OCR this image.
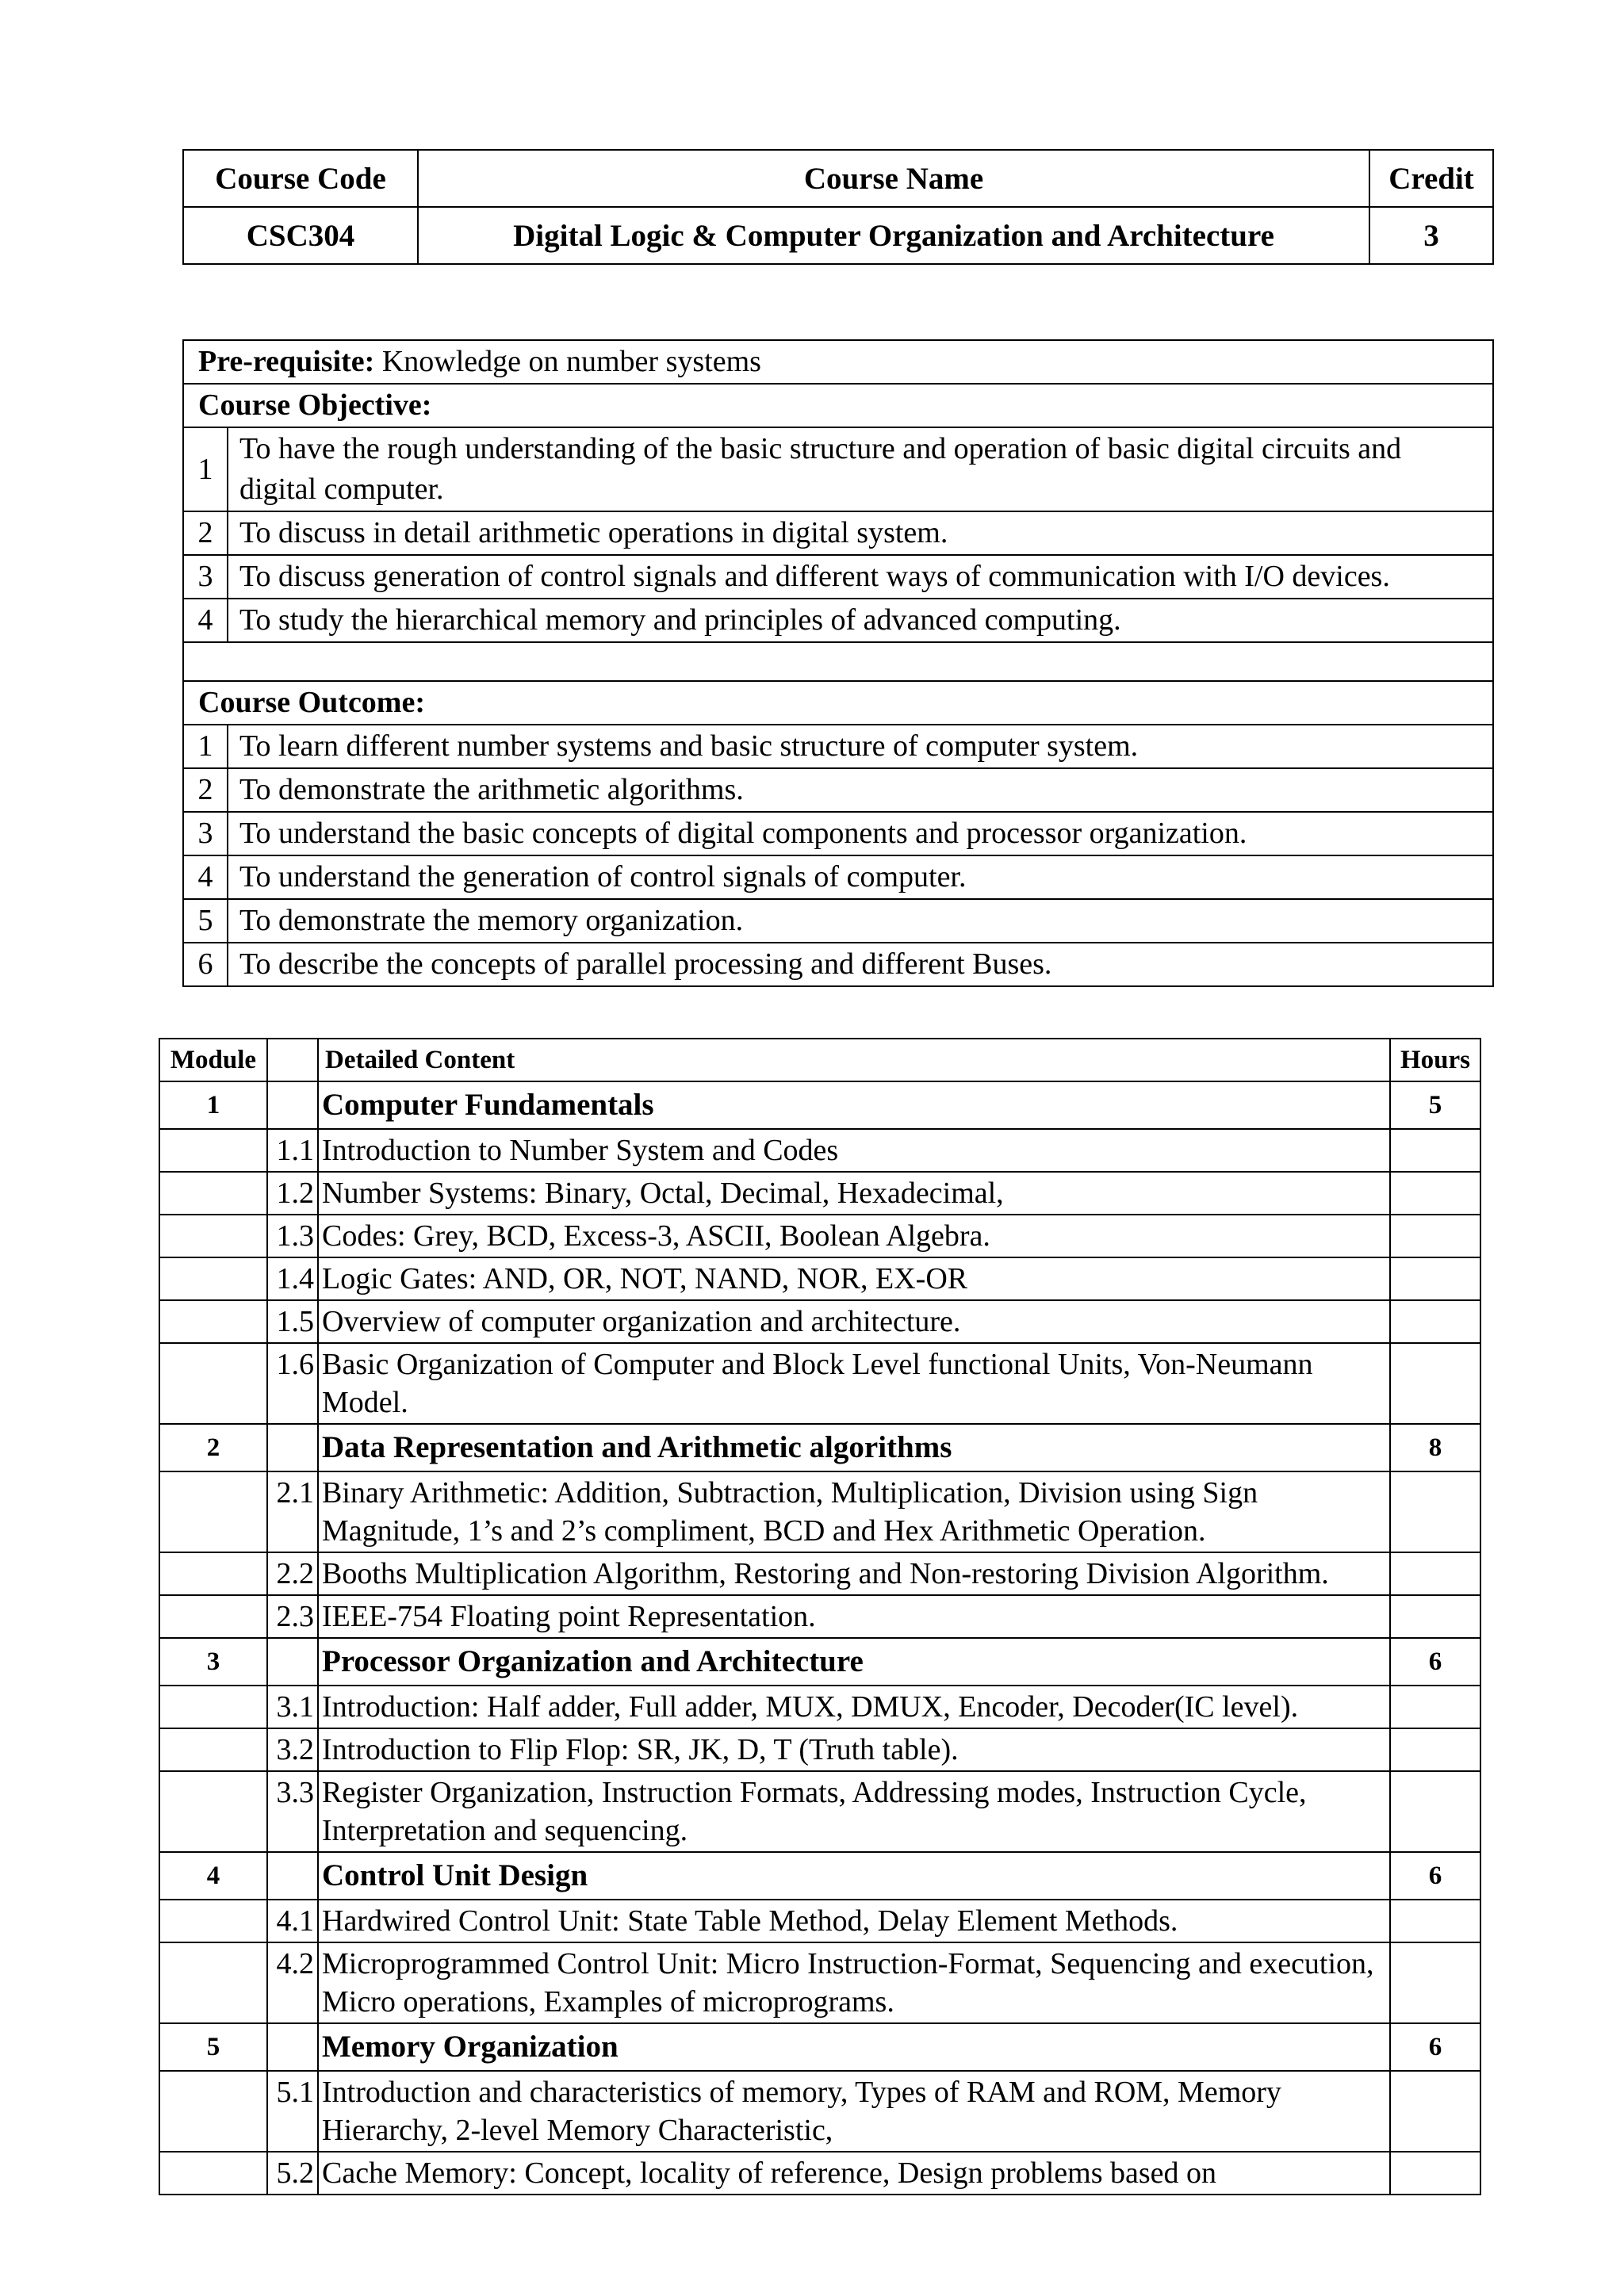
Course Code	Course Name	Credit
CSC304	Digital Logic & Computer Organization and Architecture	3
Pre-requisite: Knowledge on number systems	
Course Objective:	
1	To have the rough understanding of the basic structure and operation of basic digital circuits and digital computer.
2	To discuss in detail arithmetic operations in digital system.
3	To discuss generation of control signals and different ways of communication with I/O devices.
4	To study the hierarchical memory and principles of advanced computing.

Course Outcome:	
1	To learn different number systems and basic structure of computer system.
2	To demonstrate the arithmetic algorithms.
3	To understand the basic concepts of digital components and processor organization.
4	To understand the generation of control signals of computer.
5	To demonstrate the memory organization.
6	To describe the concepts of parallel processing and different Buses.
Module		Detailed Content	Hours
1		Computer Fundamentals	5
	1.1	Introduction to Number System and Codes	
	1.2	Number Systems: Binary, Octal, Decimal, Hexadecimal,	
	1.3	Codes: Grey, BCD, Excess-3, ASCII, Boolean Algebra.	
	1.4	Logic Gates: AND, OR, NOT, NAND, NOR, EX-OR	
	1.5	Overview of computer organization and architecture.	
	1.6	Basic Organization of Computer and Block Level functional Units, Von-Neumann Model.	
2		Data Representation and Arithmetic algorithms	8
	2.1	Binary Arithmetic: Addition, Subtraction, Multiplication, Division using Sign Magnitude, 1’s and 2’s compliment, BCD and Hex Arithmetic Operation.	
	2.2	Booths Multiplication Algorithm, Restoring and Non-restoring Division Algorithm.	
	2.3	IEEE-754 Floating point Representation.	
3		Processor Organization and Architecture	6
	3.1	Introduction: Half adder, Full adder, MUX, DMUX, Encoder, Decoder(IC level).	
	3.2	Introduction to Flip Flop: SR, JK, D, T (Truth table).	
	3.3	Register Organization, Instruction Formats, Addressing modes, Instruction Cycle, Interpretation and sequencing.	
4		Control Unit Design	6
	4.1	Hardwired Control Unit: State Table Method, Delay Element Methods.	
	4.2	Microprogrammed Control Unit: Micro Instruction-Format, Sequencing and execution, Micro operations, Examples of microprograms.	
5		Memory Organization	6
	5.1	Introduction and characteristics of memory, Types of RAM and ROM, Memory Hierarchy, 2-level Memory Characteristic,	
	5.2	Cache Memory: Concept, locality of reference, Design problems based on	
